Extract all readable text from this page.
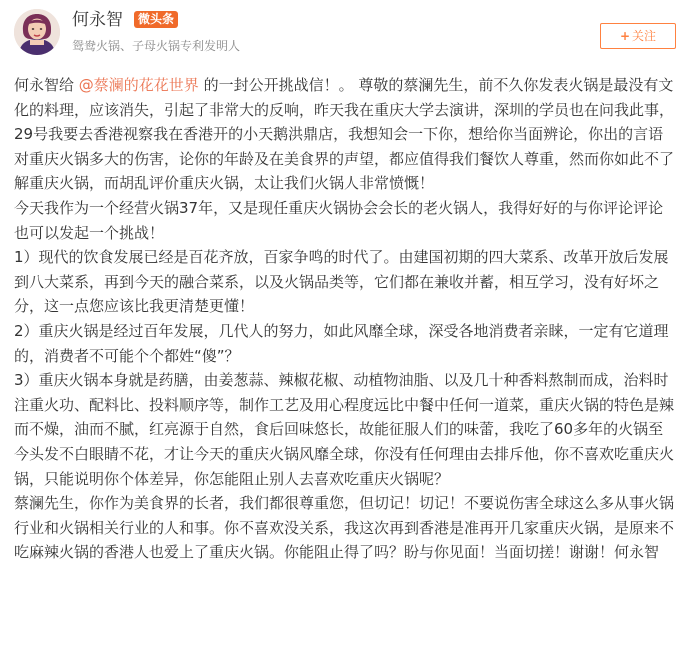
何永智	微头条
鸳鸯火锅、子母火锅专利发明人
+ 关注

何永智给 @蔡澜的花花世界 的一封公开挑战信！。 尊敬的蔡澜先生，前不久你发表火锅是最没有文化的料理，应该消失，引起了非常大的反响，昨天我在重庆大学去演讲，深圳的学员也在问我此事，29号我要去香港视察我在香港开的小天鹅洪鼎店，我想知会一下你，想给你当面辨论，你出的言语对重庆火锅多大的伤害，论你的年龄及在美食界的声望，都应值得我们餐饮人尊重，然而你如此不了解重庆火锅，而胡乱评价重庆火锅，太让我们火锅人非常愤慨！

今天我作为一个经营火锅37年，又是现任重庆火锅协会会长的老火锅人，我得好好的与你评论评论也可以发起一个挑战！

1）现代的饮食发展已经是百花齐放，百家争鸣的时代了。由建国初期的四大菜系、改革开放后发展到八大菜系，再到今天的融合菜系，以及火锅品类等，它们都在兼收并蓄，相互学习，没有好坏之分，这一点您应该比我更清楚更懂！

2）重庆火锅是经过百年发展，几代人的努力，如此风靡全球，深受各地消费者亲睐，一定有它道理的，消费者不可能个个都姓“傻”？

3）重庆火锅本身就是药膳，由姜葱蒜、辣椒花椒、动植物油脂、以及几十种香料熬制而成，治料时注重火功、配料比、投料顺序等，制作工艺及用心程度远比中餐中任何一道菜，重庆火锅的特色是辣而不燥，油而不腻，红亮源于自然，食后回味悠长，故能征服人们的味蕾，我吃了60多年的火锅至今头发不白眼睛不花，才让今天的重庆火锅风靡全球，你没有任何理由去排斥他，你不喜欢吃重庆火锅，只能说明你个体差异，你怎能阻止别人去喜欢吃重庆火锅呢？

蔡澜先生，你作为美食界的长者，我们都很尊重您，但切记！切记！不要说伤害全球这么多从事火锅行业和火锅相关行业的人和事。你不喜欢没关系，我这次再到香港是准再开几家重庆火锅，是原来不吃麻辣火锅的香港人也爱上了重庆火锅。你能阻止得了吗？盼与你见面！当面切搓！谢谢！何永智
